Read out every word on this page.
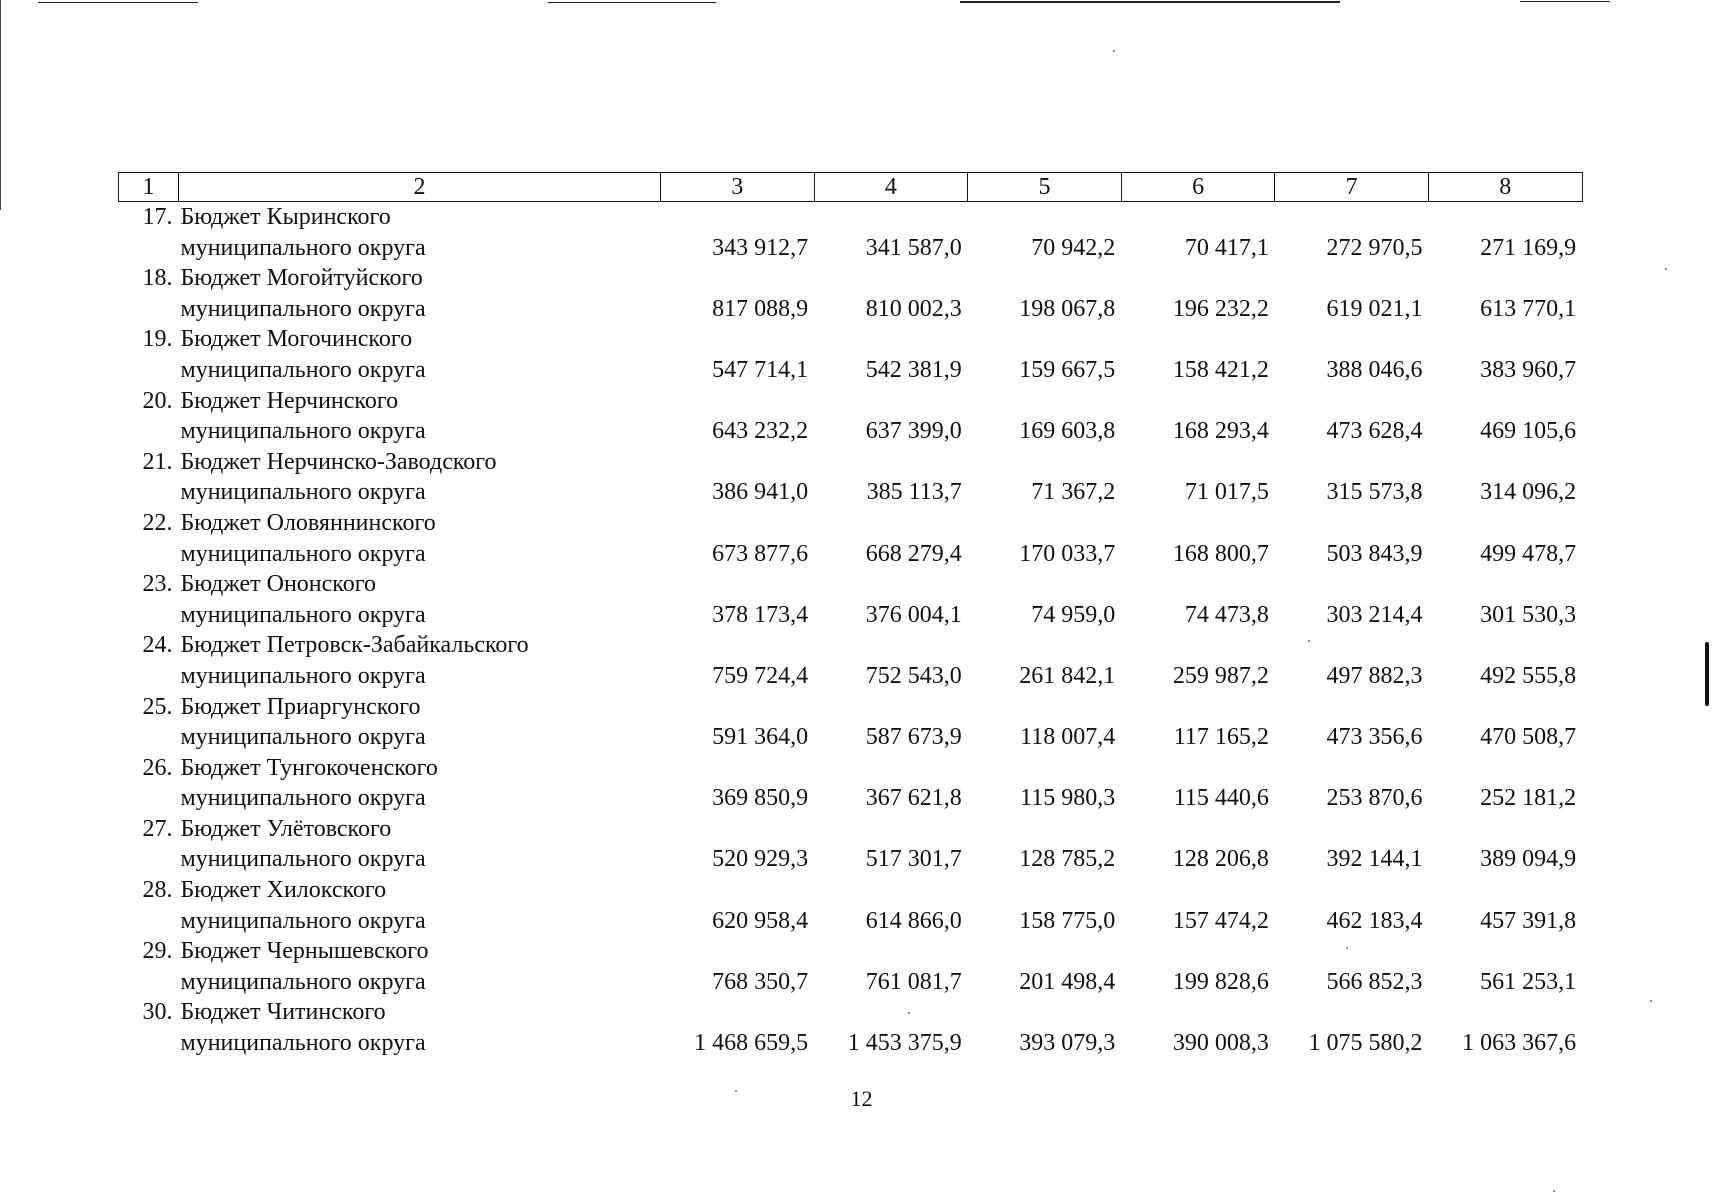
1	2	3	4	5	6	7	8
17.	Бюджет Кыринского						
	муниципального округа	343 912,7	341 587,0	70 942,2	70 417,1	272 970,5	271 169,9
18.	Бюджет Могойтуйского						
	муниципального округа	817 088,9	810 002,3	198 067,8	196 232,2	619 021,1	613 770,1
19.	Бюджет Могочинского						
	муниципального округа	547 714,1	542 381,9	159 667,5	158 421,2	388 046,6	383 960,7
20.	Бюджет Нерчинского						
	муниципального округа	643 232,2	637 399,0	169 603,8	168 293,4	473 628,4	469 105,6
21.	Бюджет Нерчинско-Заводского						
	муниципального округа	386 941,0	385 113,7	71 367,2	71 017,5	315 573,8	314 096,2
22.	Бюджет Оловяннинского						
	муниципального округа	673 877,6	668 279,4	170 033,7	168 800,7	503 843,9	499 478,7
23.	Бюджет Ононского						
	муниципального округа	378 173,4	376 004,1	74 959,0	74 473,8	303 214,4	301 530,3
24.	Бюджет Петровск-Забайкальского						
	муниципального округа	759 724,4	752 543,0	261 842,1	259 987,2	497 882,3	492 555,8
25.	Бюджет Приаргунского						
	муниципального округа	591 364,0	587 673,9	118 007,4	117 165,2	473 356,6	470 508,7
26.	Бюджет Тунгокоченского						
	муниципального округа	369 850,9	367 621,8	115 980,3	115 440,6	253 870,6	252 181,2
27.	Бюджет Улётовского						
	муниципального округа	520 929,3	517 301,7	128 785,2	128 206,8	392 144,1	389 094,9
28.	Бюджет Хилокского						
	муниципального округа	620 958,4	614 866,0	158 775,0	157 474,2	462 183,4	457 391,8
29.	Бюджет Чернышевского						
	муниципального округа	768 350,7	761 081,7	201 498,4	199 828,6	566 852,3	561 253,1
30.	Бюджет Читинского						
	муниципального округа	1 468 659,5	1 453 375,9	393 079,3	390 008,3	1 075 580,2	1 063 367,6
12
